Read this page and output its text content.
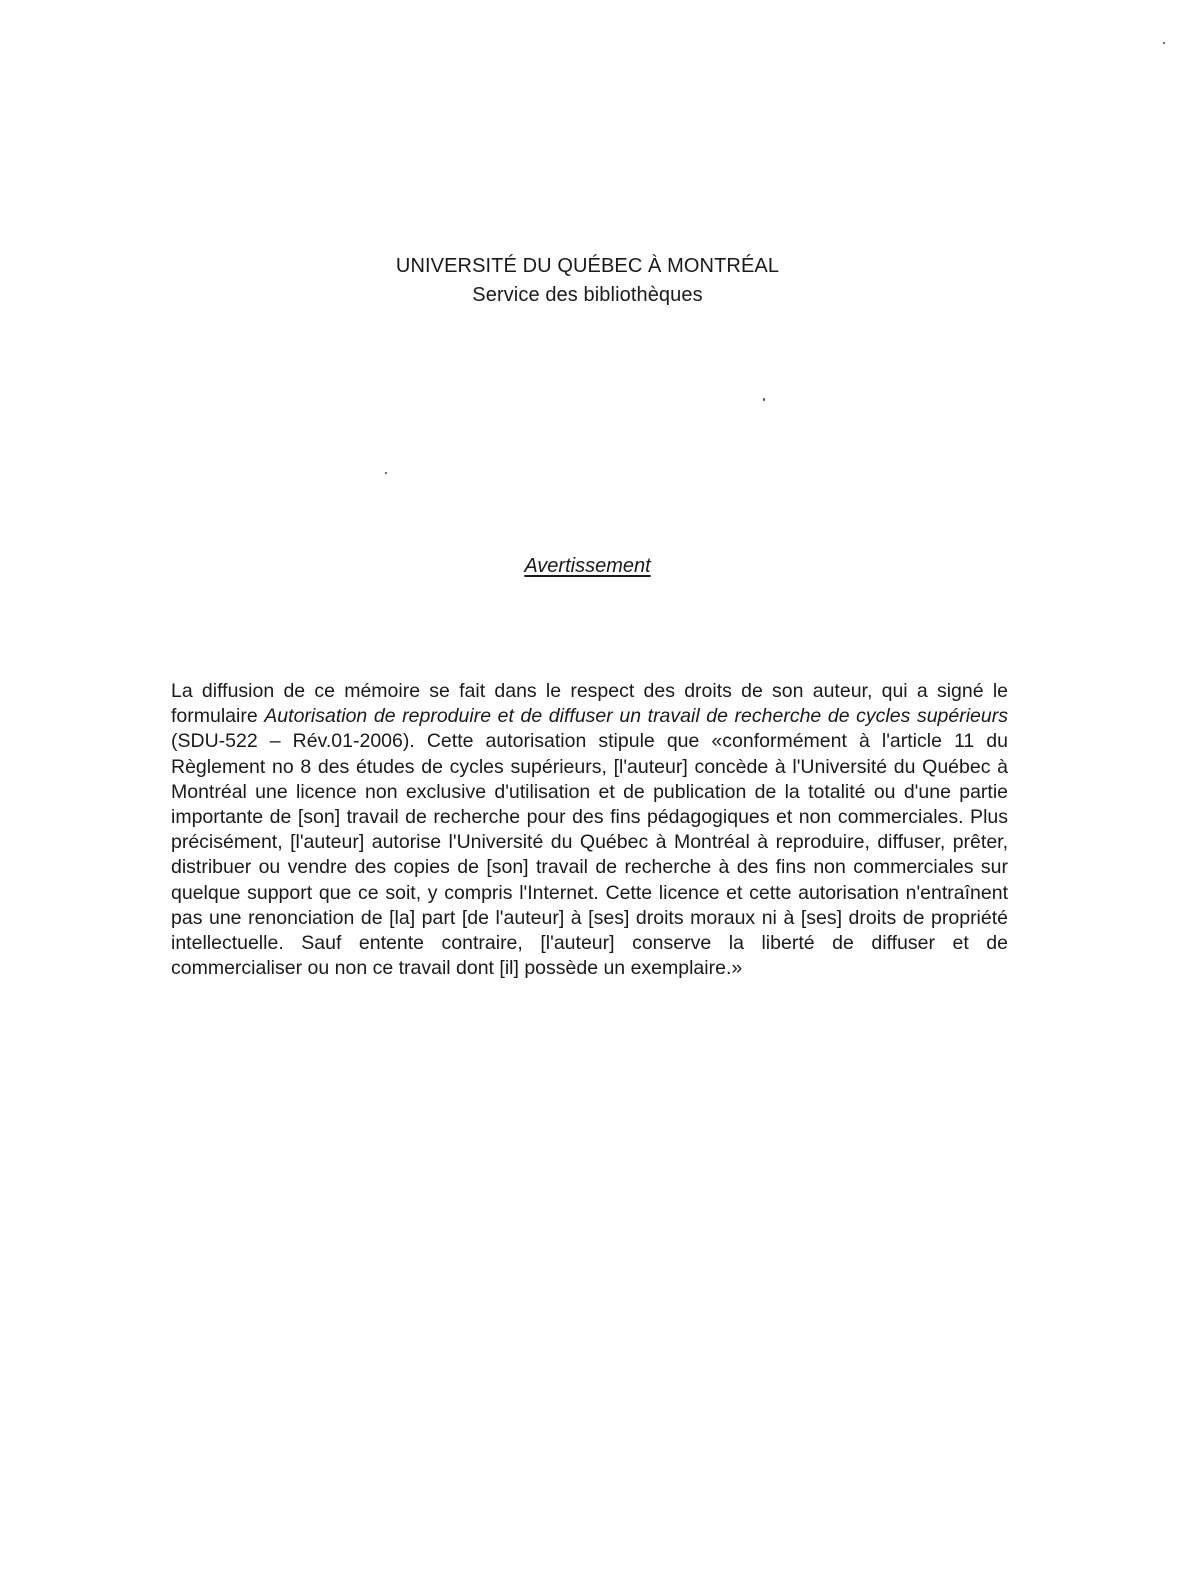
UNIVERSITÉ DU QUÉBEC À MONTRÉAL
Service des bibliothèques
Avertissement
La diffusion de ce mémoire se fait dans le respect des droits de son auteur, qui a signé le formulaire Autorisation de reproduire et de diffuser un travail de recherche de cycles supérieurs (SDU-522 – Rév.01-2006). Cette autorisation stipule que «conformément à l'article 11 du Règlement no 8 des études de cycles supérieurs, [l'auteur] concède à l'Université du Québec à Montréal une licence non exclusive d'utilisation et de publication de la totalité ou d'une partie importante de [son] travail de recherche pour des fins pédagogiques et non commerciales. Plus précisément, [l'auteur] autorise l'Université du Québec à Montréal à reproduire, diffuser, prêter, distribuer ou vendre des copies de [son] travail de recherche à des fins non commerciales sur quelque support que ce soit, y compris l'Internet. Cette licence et cette autorisation n'entraînent pas une renonciation de [la] part [de l'auteur] à [ses] droits moraux ni à [ses] droits de propriété intellectuelle. Sauf entente contraire, [l'auteur] conserve la liberté de diffuser et de commercialiser ou non ce travail dont [il] possède un exemplaire.»
